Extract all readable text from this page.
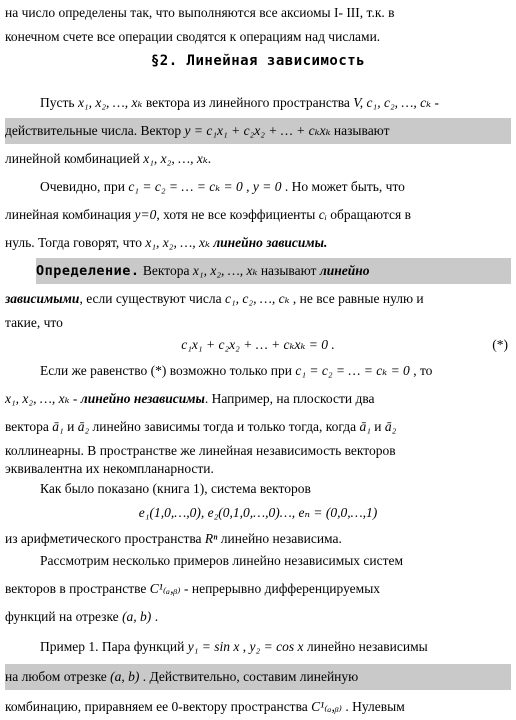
на число определены так, что выполняются все аксиомы I- III, т.к. в
конечном счете все операции сводятся к операциям над числами.
§2. Линейная зависимость
Пусть x₁, x₂, …, xₖ вектора из линейного пространства V, c₁, c₂, …, cₖ -
действительные числа. Вектор y = c₁x₁ + c₂x₂ + … + cₖxₖ называют
линейной комбинацией x₁, x₂, …, xₖ.
Очевидно, при c₁ = c₂ = … = cₖ = 0 , y = 0 . Но может быть, что
линейная комбинация y=0, хотя не все коэффициенты cᵢ обращаются в
нуль. Тогда говорят, что x₁, x₂, …, xₖ линейно зависимы.
Определение. Вектора x₁, x₂, …, xₖ называют линейно
зависимыми, если существуют числа c₁, c₂, …, cₖ , не все равные нулю и
такие, что
c₁x₁ + c₂x₂ + … + cₖxₖ = 0 .	(*)
Если же равенство (*) возможно только при c₁ = c₂ = … = cₖ = 0 , то
x₁, x₂, …, xₖ - линейно независимы. Например, на плоскости два
вектора ā₁ и ā₂ линейно зависимы тогда и только тогда, когда ā₁ и ā₂
коллинеарны. В пространстве же линейная независимость векторов
эквивалентна их некомпланарности.
Как было показано (книга 1), система векторов
e₁(1,0,…,0), e₂(0,1,0,…,0)…, eₙ = (0,0,…,1)
из арифметического пространства Rⁿ линейно независима.
Рассмотрим несколько примеров линейно независимых систем
векторов в пространстве C¹₍ₐ,ᵦ₎ - непрерывно дифференцируемых
функций на отрезке (a, b) .
Пример 1. Пара функций y₁ = sin x , y₂ = cos x линейно независимы
на любом отрезке (a, b) . Действительно, составим линейную
комбинацию, приравняем ее 0-вектору пространства C¹₍ₐ,ᵦ₎ . Нулевым
